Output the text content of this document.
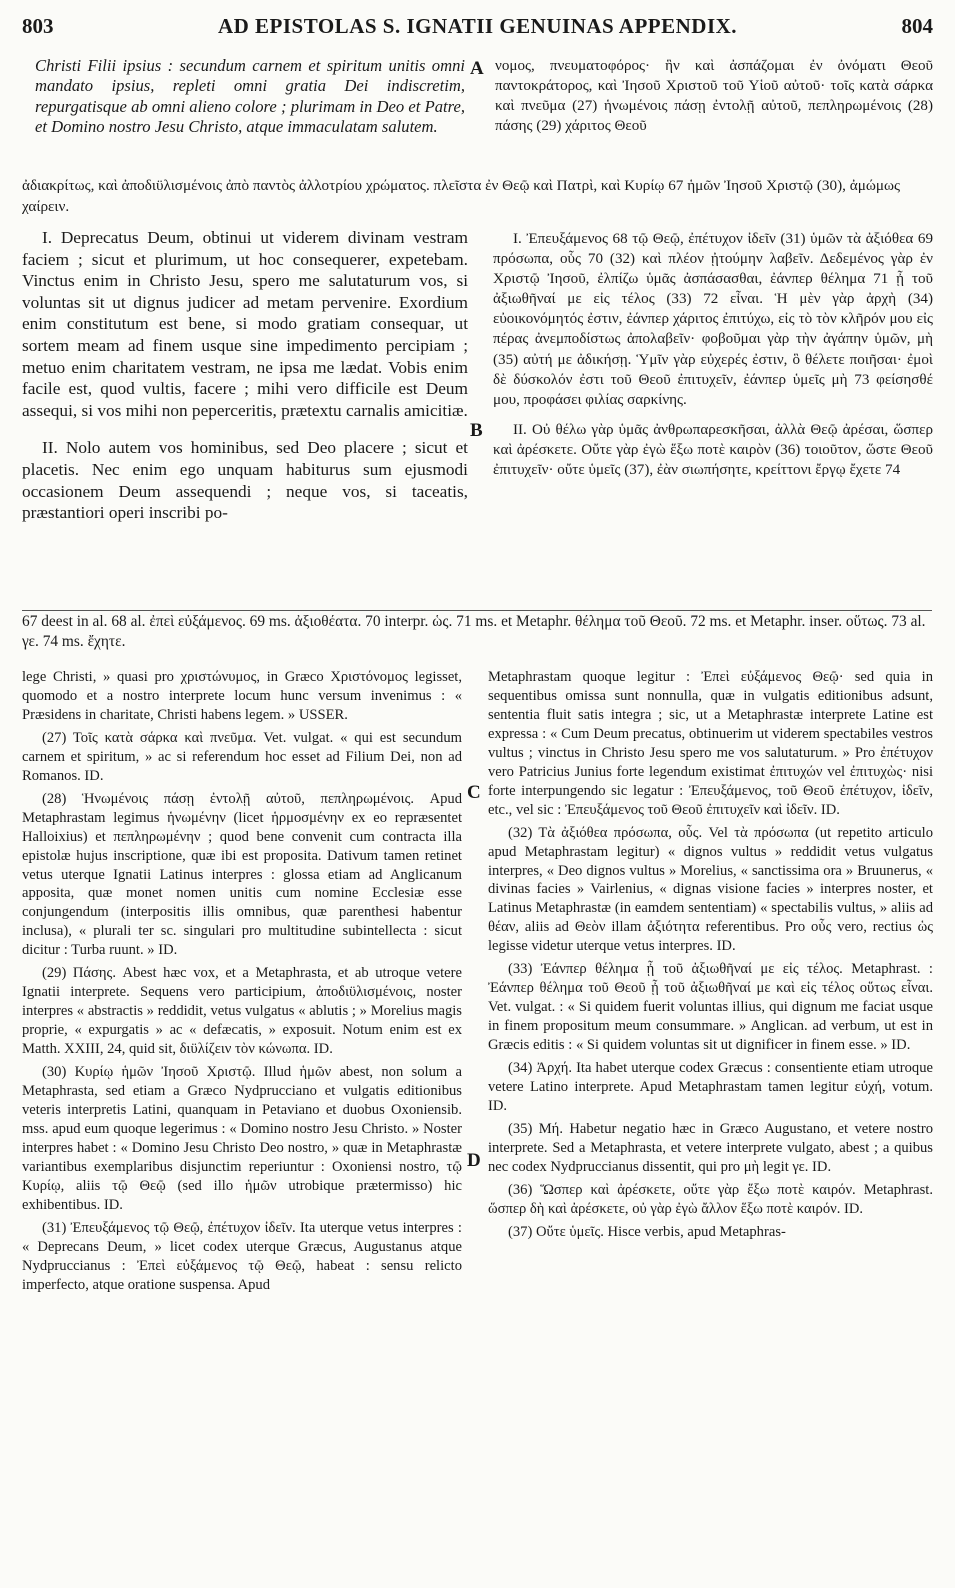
803	AD EPISTOLAS S. IGNATII GENUINAS APPENDIX.	804

Christi Filii ipsius : secundum carnem et spiritum unitis omni mandato ipsius, repleti omni gratia Dei indiscretim, repurgatisque ab omni alieno colore ; plurimam in Deo et Patre, et Domino nostro Jesu Christo, atque immaculatam salutem.

A νομος, πνευματοφόρος· ἣν καὶ ἀσπάζομαι ἐν ὀνόματι Θεοῦ παντοκράτορος, καὶ Ἰησοῦ Χριστοῦ τοῦ Υἱοῦ αὐτοῦ· τοῖς κατὰ σάρκα καὶ πνεῦμα (27) ἡνωμένοις πάσῃ ἐντολῇ αὐτοῦ, πεπληρωμένοις (28) πάσης (29) χάριτος Θεοῦ

ἀδιακρίτως, καὶ ἀποδιϋλισμένοις ἀπὸ παντὸς ἀλλοτρίου χρώματος. πλεῖστα ἐν Θεῷ καὶ Πατρὶ, καὶ Κυρίῳ 67 ἡμῶν Ἰησοῦ Χριστῷ (30), ἀμώμως χαίρειν.

I. Deprecatus Deum, obtinui ut viderem divinam vestram faciem ; sicut et plurimum, ut hoc consequerer, expetebam. Vinctus enim in Christo Jesu, spero me salutaturum vos, si voluntas sit ut dignus judicer ad metam pervenire. Exordium enim constitutum est bene, si modo gratiam consequar, ut sortem meam ad finem usque sine impedimento percipiam ; metuo enim charitatem vestram, ne ipsa me lædat. Vobis enim facile est, quod vultis, facere ; mihi vero difficile est Deum assequi, si vos mihi non peperceritis, prætextu carnalis amicitiæ.

II. Nolo autem vos hominibus, sed Deo placere ; sicut et placetis. Nec enim ego unquam habiturus sum ejusmodi occasionem Deum assequendi ; neque vos, si taceatis, præstantiori operi inscribi po-

B

I. Ἐπευξάμενος 68 τῷ Θεῷ, ἐπέτυχον ἰδεῖν (31) ὑμῶν τὰ ἀξιόθεα 69 πρόσωπα, οὗς 70 (32) καὶ πλέον ᾐτούμην λαβεῖν. Δεδεμένος γὰρ ἐν Χριστῷ Ἰησοῦ, ἐλπίζω ὑμᾶς ἀσπάσασθαι, ἐάνπερ θέλημα 71 ᾖ τοῦ ἀξιωθῆναί με εἰς τέλος (33) 72 εἶναι. Ἡ μὲν γὰρ ἀρχὴ (34) εὐοικονόμητός ἐστιν, ἐάνπερ χάριτος ἐπιτύχω, εἰς τὸ τὸν κλῆρόν μου εἰς πέρας ἀνεμποδίστως ἀπολαβεῖν· φοβοῦμαι γὰρ τὴν ἀγάπην ὑμῶν, μὴ (35) αὐτή με ἀδικήσῃ. Ὑμῖν γὰρ εὐχερές ἐστιν, ὃ θέλετε ποιῆσαι· ἐμοὶ δὲ δύσκολόν ἐστι τοῦ Θεοῦ ἐπιτυχεῖν, ἐάνπερ ὑμεῖς μὴ 73 φείσησθέ μου, προφάσει φιλίας σαρκίνης.

II. Οὐ θέλω γὰρ ὑμᾶς ἀνθρωπαρεσκῆσαι, ἀλλὰ Θεῷ ἀρέσαι, ὥσπερ καὶ ἀρέσκετε. Οὔτε γὰρ ἐγὼ ἕξω ποτὲ καιρὸν (36) τοιοῦτον, ὥστε Θεοῦ ἐπιτυχεῖν· οὔτε ὑμεῖς (37), ἐὰν σιωπήσητε, κρείττονι ἔργῳ ἔχετε 74

67 deest in al. 68 al. ἐπεὶ εὐξάμενος. 69 ms. ἀξιοθέατα. 70 interpr. ὡς. 71 ms. et Metaphr. θέλημα τοῦ Θεοῦ. 72 ms. et Metaphr. inser. οὕτως. 73 al. γε. 74 ms. ἔχητε.

lege Christi, » quasi pro χριστώνυμος, in Græco Χριστόνομος legisset, quomodo et a nostro interprete locum hunc versum invenimus : « Præsidens in charitate, Christi habens legem. » USSER.

(27) Τοῖς κατὰ σάρκα καὶ πνεῦμα. Vet. vulgat. « qui est secundum carnem et spiritum, » ac si referendum hoc esset ad Filium Dei, non ad Romanos. ID.

(28) Ἡνωμένοις πάσῃ ἐντολῇ αὐτοῦ, πεπληρωμένοις. Apud Metaphrastam legimus ἡνωμένην (licet ἡρμοσμένην ex eo repræsentet Halloixius) et πεπληρωμένην ; quod bene convenit cum contracta illa epistolæ hujus inscriptione, quæ ibi est proposita. Dativum tamen retinet vetus uterque Ignatii Latinus interpres : glossa etiam ad Anglicanum apposita, quæ monet nomen unitis cum nomine Ecclesiæ esse conjungendum (interpositis illis omnibus, quæ parenthesi habentur inclusa), « plurali ter sc. singulari pro multitudine subintellecta : sicut dicitur : Turba ruunt. » ID.

(29) Πάσης. Abest hæc vox, et a Metaphrasta, et ab utroque vetere Ignatii interprete. Sequens vero participium, ἀποδιϋλισμένοις, noster interpres « abstractis » reddidit, vetus vulgatus « ablutis ; » Morelius magis proprie, « expurgatis » ac « defæcatis, » exposuit. Notum enim est ex Matth. XXIII, 24, quid sit, διϋλίζειν τὸν κώνωπα. ID.

(30) Κυρίῳ ἡμῶν Ἰησοῦ Χριστῷ. Illud ἡμῶν abest, non solum a Metaphrasta, sed etiam a Græco Nydprucciano et vulgatis editionibus veteris interpretis Latini, quanquam in Petaviano et duobus Oxoniensib. mss. apud eum quoque legerimus : « Domino nostro Jesu Christo. » Noster interpres habet : « Domino Jesu Christo Deo nostro, » quæ in Metaphrastæ variantibus exemplaribus disjunctim reperiuntur : Oxoniensi nostro, τῷ Κυρίῳ, aliis τῷ Θεῷ (sed illo ἡμῶν utrobique prætermisso) hic exhibentibus. ID.

(31) Ἐπευξάμενος τῷ Θεῷ, ἐπέτυχον ἰδεῖν. Ita uterque vetus interpres : « Deprecans Deum, » licet codex uterque Græcus, Augustanus atque Nydpruccianus : Ἐπεὶ εὐξάμενος τῷ Θεῷ, habeat : sensu relicto imperfecto, atque oratione suspensa. Apud

C
D

Metaphrastam quoque legitur : Ἐπεὶ εὐξάμενος Θεῷ· sed quia in sequentibus omissa sunt nonnulla, quæ in vulgatis editionibus adsunt, sententia fluit satis integra ; sic, ut a Metaphrastæ interprete Latine est expressa : « Cum Deum precatus, obtinuerim ut viderem spectabiles vestros vultus ; vinctus in Christo Jesu spero me vos salutaturum. » Pro ἐπέτυχον vero Patricius Junius forte legendum existimat ἐπιτυχών vel ἐπιτυχὼς· nisi forte interpungendo sic legatur : Ἐπευξάμενος, τοῦ Θεοῦ ἐπέτυχον, ἰδεῖν, etc., vel sic : Ἐπευξάμενος τοῦ Θεοῦ ἐπιτυχεῖν καὶ ἰδεῖν. ID.

(32) Τὰ ἀξιόθεα πρόσωπα, οὗς. Vel τὰ πρόσωπα (ut repetito articulo apud Metaphrastam legitur) « dignos vultus » reddidit vetus vulgatus interpres, « Deo dignos vultus » Morelius, « sanctissima ora » Bruunerus, « divinas facies » Vairlenius, « dignas visione facies » interpres noster, et Latinus Metaphrastæ (in eamdem sententiam) « spectabilis vultus, » aliis ad θέαν, aliis ad Θεὸν illam ἀξιότητα referentibus. Pro οὗς vero, rectius ὡς legisse videtur uterque vetus interpres. ID.

(33) Ἐάνπερ θέλημα ᾖ τοῦ ἀξιωθῆναί με εἰς τέλος. Metaphrast. : Ἐάνπερ θέλημα τοῦ Θεοῦ ᾖ τοῦ ἀξιωθῆναί με καὶ εἰς τέλος οὕτως εἶναι. Vet. vulgat. : « Si quidem fuerit voluntas illius, qui dignum me faciat usque in finem propositum meum consummare. » Anglican. ad verbum, ut est in Græcis editis : « Si quidem voluntas sit ut dignificer in finem esse. » ID.

(34) Ἀρχή. Ita habet uterque codex Græcus : consentiente etiam utroque vetere Latino interprete. Apud Metaphrastam tamen legitur εὐχή, votum. ID.

(35) Μή. Habetur negatio hæc in Græco Augustano, et vetere nostro interprete. Sed a Metaphrasta, et vetere interprete vulgato, abest ; a quibus nec codex Nydpruccianus dissentit, qui pro μὴ legit γε. ID.

(36) Ὥσπερ καὶ ἀρέσκετε, οὔτε γὰρ ἕξω ποτὲ καιρόν. Metaphrast. ὥσπερ δὴ καὶ ἀρέσκετε, οὐ γὰρ ἐγὼ ἄλλον ἕξω ποτὲ καιρόν. ID.

(37) Οὔτε ὑμεῖς. Hisce verbis, apud Metaphras-
